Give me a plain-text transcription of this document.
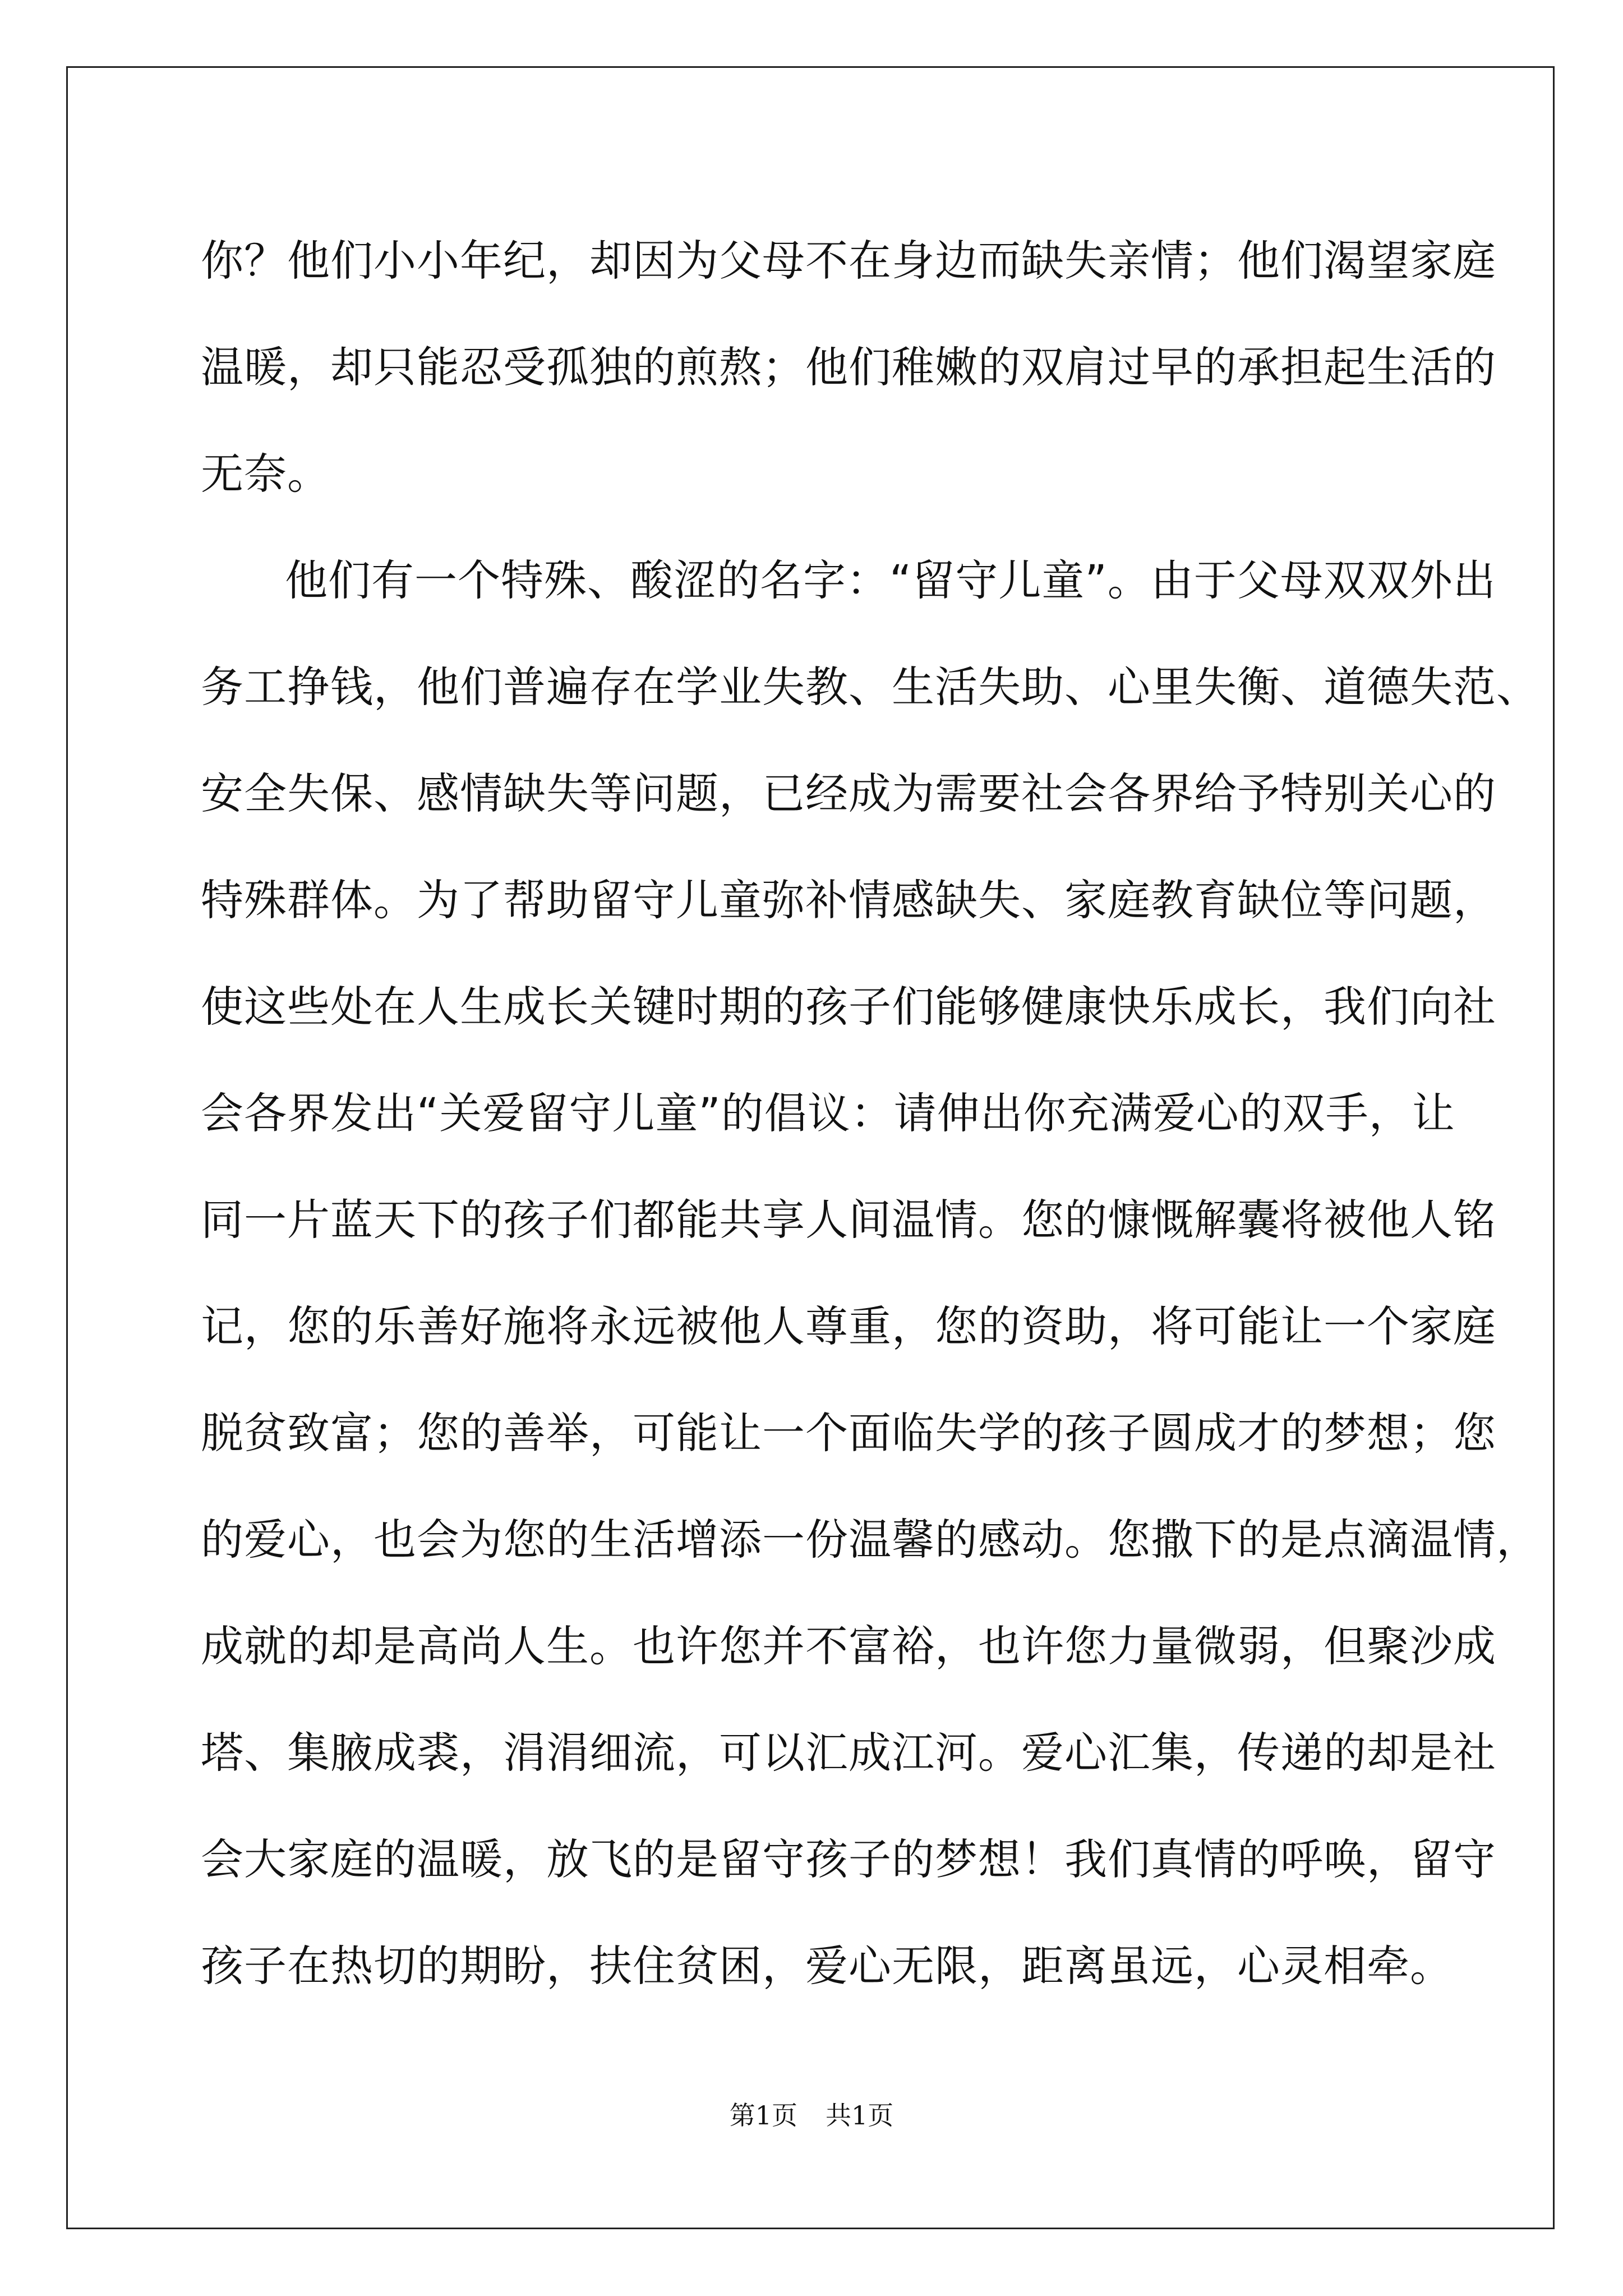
你？他们小小年纪，却因为父母不在身边而缺失亲情；他们渴望家庭
温暖，却只能忍受孤独的煎熬；他们稚嫩的双肩过早的承担起生活的
无奈。
他们有一个特殊、酸涩的名字：“留守儿童”。由于父母双双外出
务工挣钱，他们普遍存在学业失教、生活失助、心里失衡、道德失范、
安全失保、感情缺失等问题，已经成为需要社会各界给予特别关心的
特殊群体。为了帮助留守儿童弥补情感缺失、家庭教育缺位等问题，
使这些处在人生成长关键时期的孩子们能够健康快乐成长，我们向社
会各界发出“关爱留守儿童”的倡议：请伸出你充满爱心的双手，让
同一片蓝天下的孩子们都能共享人间温情。您的慷慨解囊将被他人铭
记，您的乐善好施将永远被他人尊重，您的资助，将可能让一个家庭
脱贫致富；您的善举，可能让一个面临失学的孩子圆成才的梦想；您
的爱心，也会为您的生活增添一份温馨的感动。您撒下的是点滴温情，
成就的却是高尚人生。也许您并不富裕，也许您力量微弱，但聚沙成
塔、集腋成裘，涓涓细流，可以汇成江河。爱心汇集，传递的却是社
会大家庭的温暖，放飞的是留守孩子的梦想！我们真情的呼唤，留守
孩子在热切的期盼，扶住贫困，爱心无限，距离虽远，心灵相牵。
第1页 共1页
